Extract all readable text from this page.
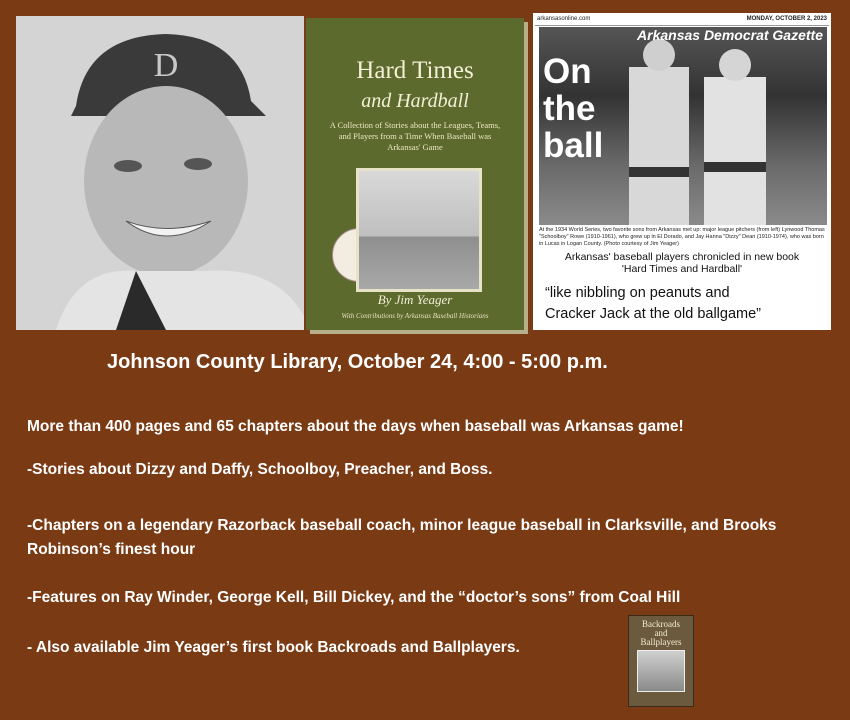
D	Hard Times
and Hardball
A Collection of Stories about the Leagues, Teams, and Players from a Time When Baseball was Arkansas' Game
By Jim Yeager
With Contributions by Arkansas Baseball Historians
arkansasonline.com	MONDAY, OCTOBER 2, 2023
Arkansas Democrat Gazette
On
the
ball
At the 1934 World Series, two favorite sons from Arkansas met up: major league pitchers (from left) Lynwood Thomas "Schoolboy" Rowe (1910-1961), who grew up in El Dorado, and Jay Hanna "Dizzy" Dean (1910-1974), who was born in Lucas in Logan County. (Photo courtesy of Jim Yeager)
Arkansas' baseball players chronicled in new book
'Hard Times and Hardball'
“like nibbling on peanuts and
Cracker Jack at the old ballgame”
Johnson County Library, October 24, 4:00 - 5:00 p.m.
More than 400 pages and 65 chapters about the days when baseball was Arkansas game!
-Stories about Dizzy and Daffy, Schoolboy, Preacher, and Boss.
-Chapters on a legendary Razorback baseball coach, minor league baseball in Clarksville, and Brooks Robinson’s finest hour
-Features on Ray Winder, George Kell, Bill Dickey, and the “doctor’s sons” from Coal Hill
- Also available Jim Yeager’s first book Backroads and Ballplayers.
Backroads
and
Ballplayers
